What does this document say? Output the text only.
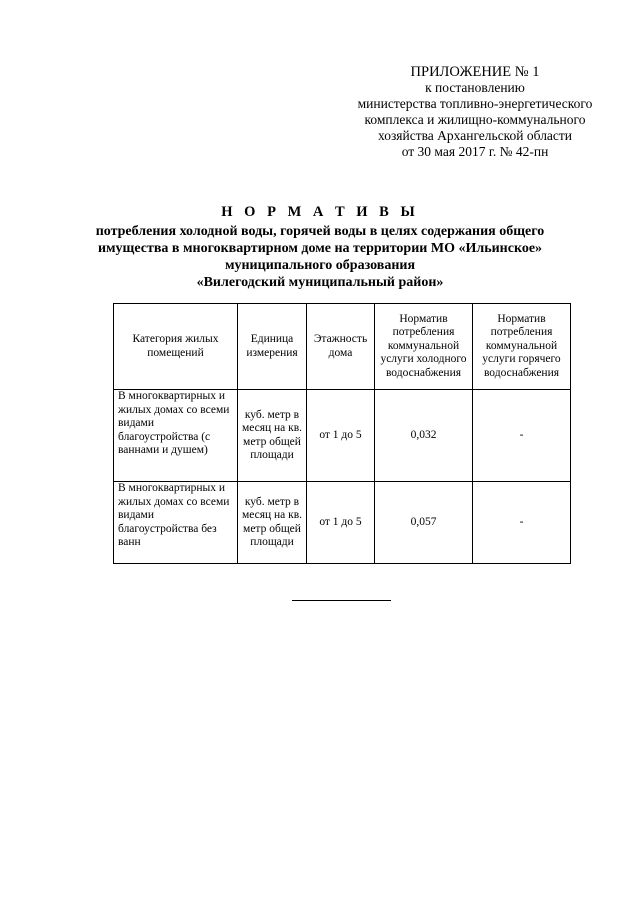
ПРИЛОЖЕНИЕ № 1
к постановлению
министерства топливно-энергетического
комплекса и жилищно-коммунального
хозяйства Архангельской области
от 30 мая 2017 г. № 42-пн
Н О Р М А Т И В Ы
потребления холодной воды, горячей воды в целях содержания общего
имущества в многоквартирном доме на территории МО «Ильинское»
муниципального образования
«Вилегодский муниципальный район»
Категория жилых помещений	Единица измерения	Этажность дома	Норматив потребления коммунальной услуги холодного водоснабжения	Норматив потребления коммунальной услуги горячего водоснабжения
В многоквартирных и жилых домах со всеми видами благоустройства (с ваннами и душем)	куб. метр в месяц на кв. метр общей площади	от 1 до 5	0,032	-
В многоквартирных и жилых домах со всеми видами благоустройства без ванн	куб. метр в месяц на кв. метр общей площади	от 1 до 5	0,057	-
